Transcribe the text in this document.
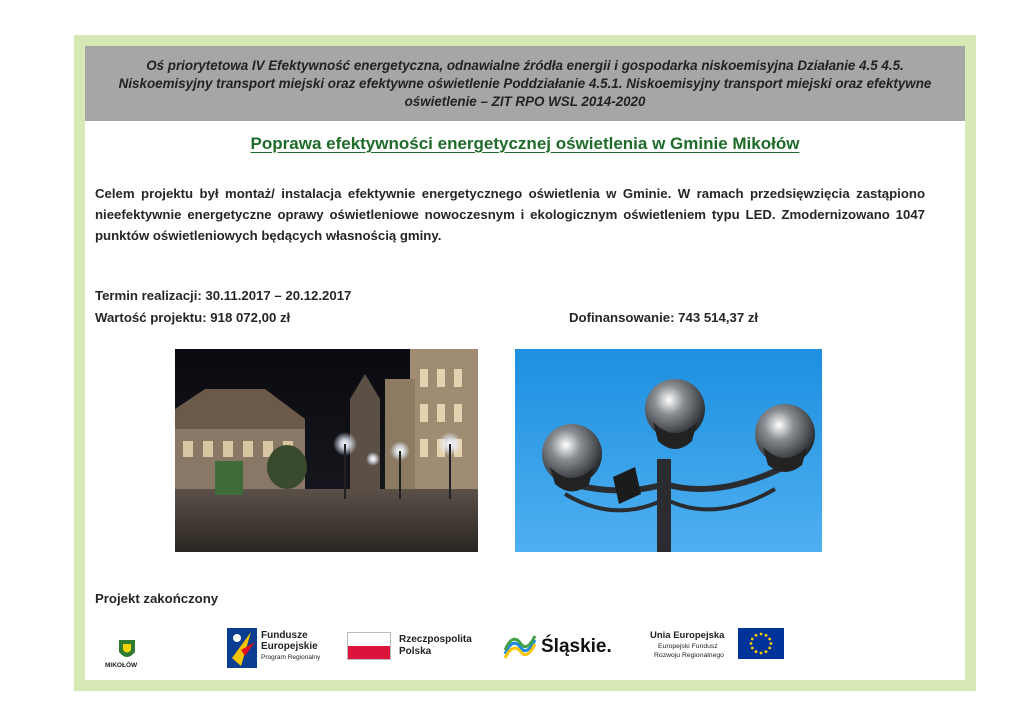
Oś priorytetowa IV Efektywność energetyczna, odnawialne źródła energii i gospodarka niskoemisyjna Działanie 4.5 4.5. Niskoemisyjny transport miejski oraz efektywne oświetlenie Poddziałanie 4.5.1. Niskoemisyjny transport miejski oraz efektywne oświetlenie – ZIT RPO WSL 2014-2020
Poprawa efektywności energetycznej oświetlenia w Gminie Mikołów
Celem projektu był montaż/ instalacja efektywnie energetycznego oświetlenia w Gminie. W ramach przedsięwzięcia zastąpiono nieefektywnie energetyczne oprawy oświetleniowe nowoczesnym i ekologicznym oświetleniem typu LED. Zmodernizowano 1047 punktów oświetleniowych będących własnością gminy.
Termin realizacji: 30.11.2017 – 20.12.2017
Wartość projektu: 918 072,00 zł	Dofinansowanie: 743 514,37 zł
Projekt zakończony
MIKOŁÓW
Fundusze
Europejskie
Program Regionalny
Rzeczpospolita
Polska	Śląskie.
Unia Europejska
Europejski Fundusz
Rozwoju Regionalnego
